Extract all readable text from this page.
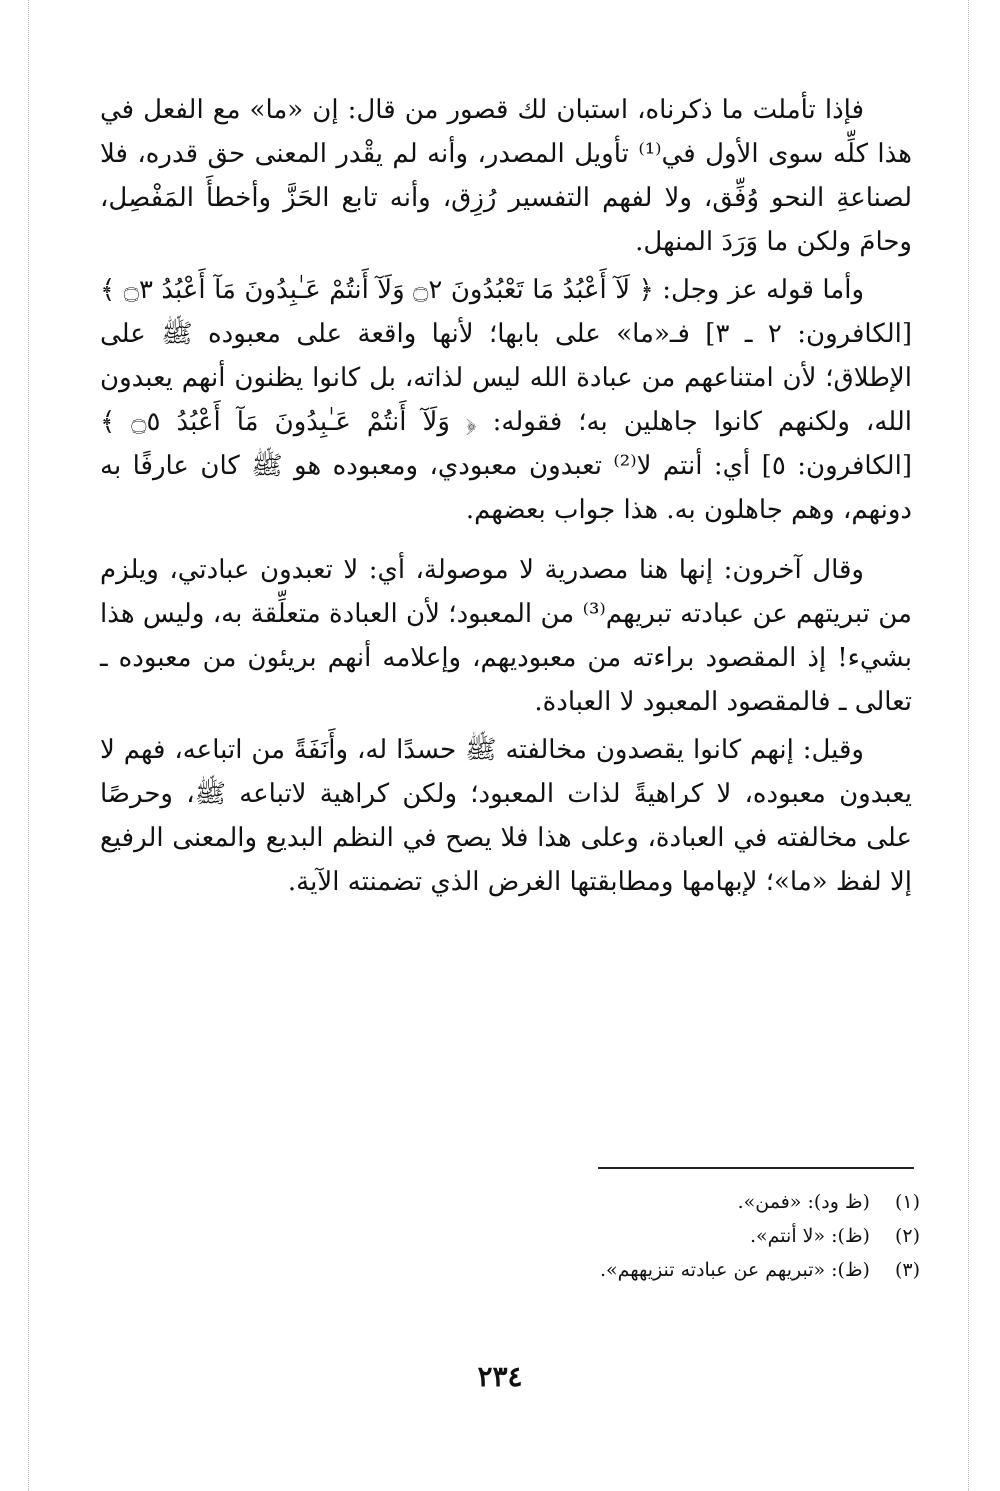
فإذا تأملت ما ذكرناه، استبان لك قصور من قال: إن «ما» مع الفعل في هذا كلِّه سوى الأول في⁽¹⁾ تأويل المصدر، وأنه لم يقْدر المعنى حق قدره، فلا لصناعةِ النحو وُفِّق، ولا لفهم التفسير رُزِق، وأنه تابع الحَزَّ وأخطأَ المَفْصِل، وحامَ ولكن ما وَرَدَ المنهل.

وأما قوله عز وجل: ﴿ لَآ أَعْبُدُ مَا تَعْبُدُونَ ۝٢ وَلَآ أَنتُمْ عَـٰبِدُونَ مَآ أَعْبُدُ ۝٣ ﴾ [الكافرون: ٢ ـ ٣] فـ«ما» على بابها؛ لأنها واقعة على معبوده ﷺ على الإطلاق؛ لأن امتناعهم من عبادة الله ليس لذاته، بل كانوا يظنون أنهم يعبدون الله، ولكنهم كانوا جاهلين به؛ فقوله: ﴿ وَلَآ أَنتُمْ عَـٰبِدُونَ مَآ أَعْبُدُ ۝٥ ﴾ [الكافرون: ٥] أي: أنتم لا⁽²⁾ تعبدون معبودي، ومعبوده هو ﷺ كان عارفًا به دونهم، وهم جاهلون به. هذا جواب بعضهم.

وقال آخرون: إنها هنا مصدرية لا موصولة، أي: لا تعبدون عبادتي، ويلزم من تبريتهم عن عبادته تبريهم⁽³⁾ من المعبود؛ لأن العبادة متعلِّقة به، وليس هذا بشيء! إذ المقصود براءته من معبوديهم، وإعلامه أنهم بريئون من معبوده ـ تعالى ـ فالمقصود المعبود لا العبادة.

وقيل: إنهم كانوا يقصدون مخالفته ﷺ حسدًا له، وأَنَفَةً من اتباعه، فهم لا يعبدون معبوده، لا كراهيةً لذات المعبود؛ ولكن كراهية لاتباعه ﷺ، وحرصًا على مخالفته في العبادة، وعلى هذا فلا يصح في النظم البديع والمعنى الرفيع إلا لفظ «ما»؛ لإبهامها ومطابقتها الغرض الذي تضمنته الآية.

(١) (ظ ود): «فمن».
(٢) (ظ): «لا أنتم».
(٣) (ظ): «تبريهم عن عبادته تنزيههم».
٢٣٤
